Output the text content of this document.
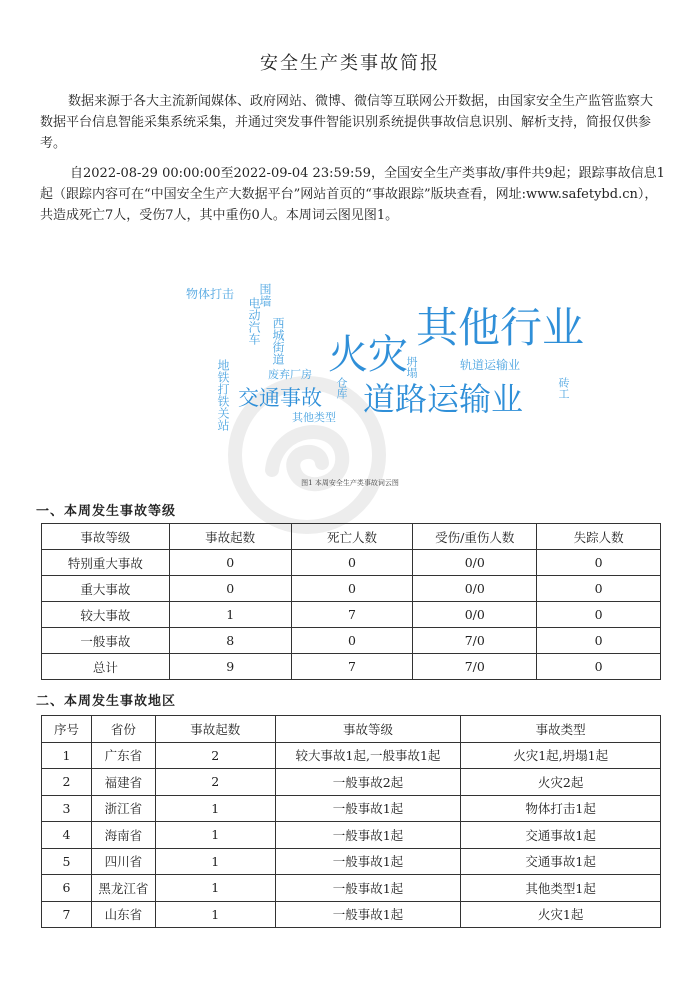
安全生产类事故简报

数据来源于各大主流新闻媒体、政府网站、微博、微信等互联网公开数据，由国家安全生产监管监察大数据平台信息智能采集系统采集，并通过突发事件智能识别系统提供事故信息识别、解析支持，简报仅供参考。

自2022-08-29 00:00:00至2022-09-04 23:59:59，全国安全生产类事故/事件共9起；跟踪事故信息1起（跟踪内容可在“中国安全生产大数据平台”网站首页的“事故跟踪”版块查看，网址:www.safetybd.cn），共造成死亡7人，受伤7人，其中重伤0人。本周词云图见图1。

其他行业
火灾
道路运输业
交通事故
物体打击 围墙
电动汽车 西城街道	轨道运输业
地铁打铁关站	废弃厂房
仓库
坍塌
砖工
其他类型
图1 本周安全生产类事故词云图
一、本周发生事故等级
事故等级	事故起数	死亡人数	受伤/重伤人数	失踪人数
特别重大事故	0	0	0/0	0
重大事故	0	0	0/0	0
较大事故	1	7	0/0	0
一般事故	8	0	7/0	0
总计	9	7	7/0	0
二、本周发生事故地区
序号	省份	事故起数	事故等级	事故类型
1	广东省	2	较大事故1起,一般事故1起	火灾1起,坍塌1起
2	福建省	2	一般事故2起	火灾2起
3	浙江省	1	一般事故1起	物体打击1起
4	海南省	1	一般事故1起	交通事故1起
5	四川省	1	一般事故1起	交通事故1起
6	黑龙江省	1	一般事故1起	其他类型1起
7	山东省	1	一般事故1起	火灾1起
